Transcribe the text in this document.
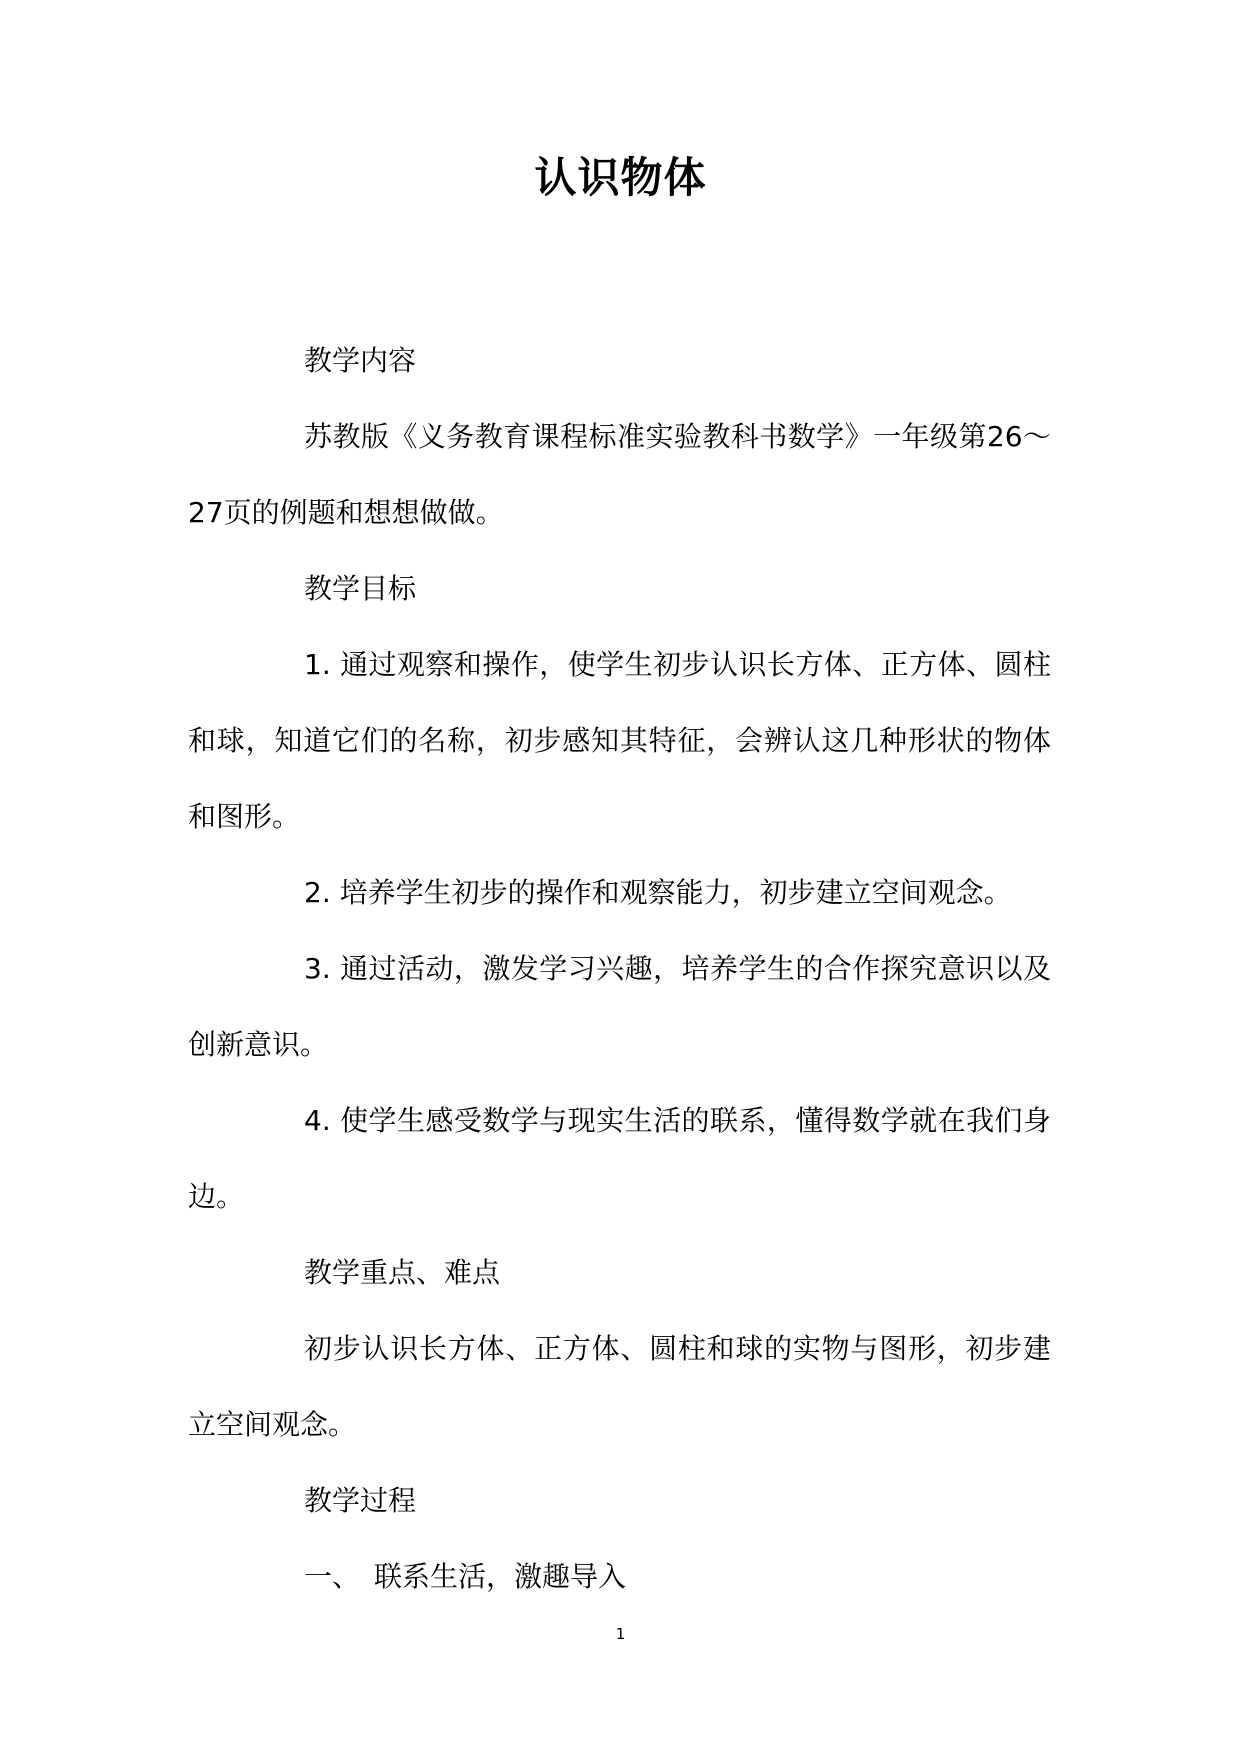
认识物体

教学内容

苏教版《义务教育课程标准实验教科书数学》一年级第26～27页的例题和想想做做。

教学目标

1. 通过观察和操作，使学生初步认识长方体、正方体、圆柱和球，知道它们的名称，初步感知其特征，会辨认这几种形状的物体和图形。

2. 培养学生初步的操作和观察能力，初步建立空间观念。

3. 通过活动，激发学习兴趣，培养学生的合作探究意识以及创新意识。

4. 使学生感受数学与现实生活的联系，懂得数学就在我们身边。

教学重点、难点

初步认识长方体、正方体、圆柱和球的实物与图形，初步建立空间观念。

教学过程

一、　联系生活，激趣导入

1
